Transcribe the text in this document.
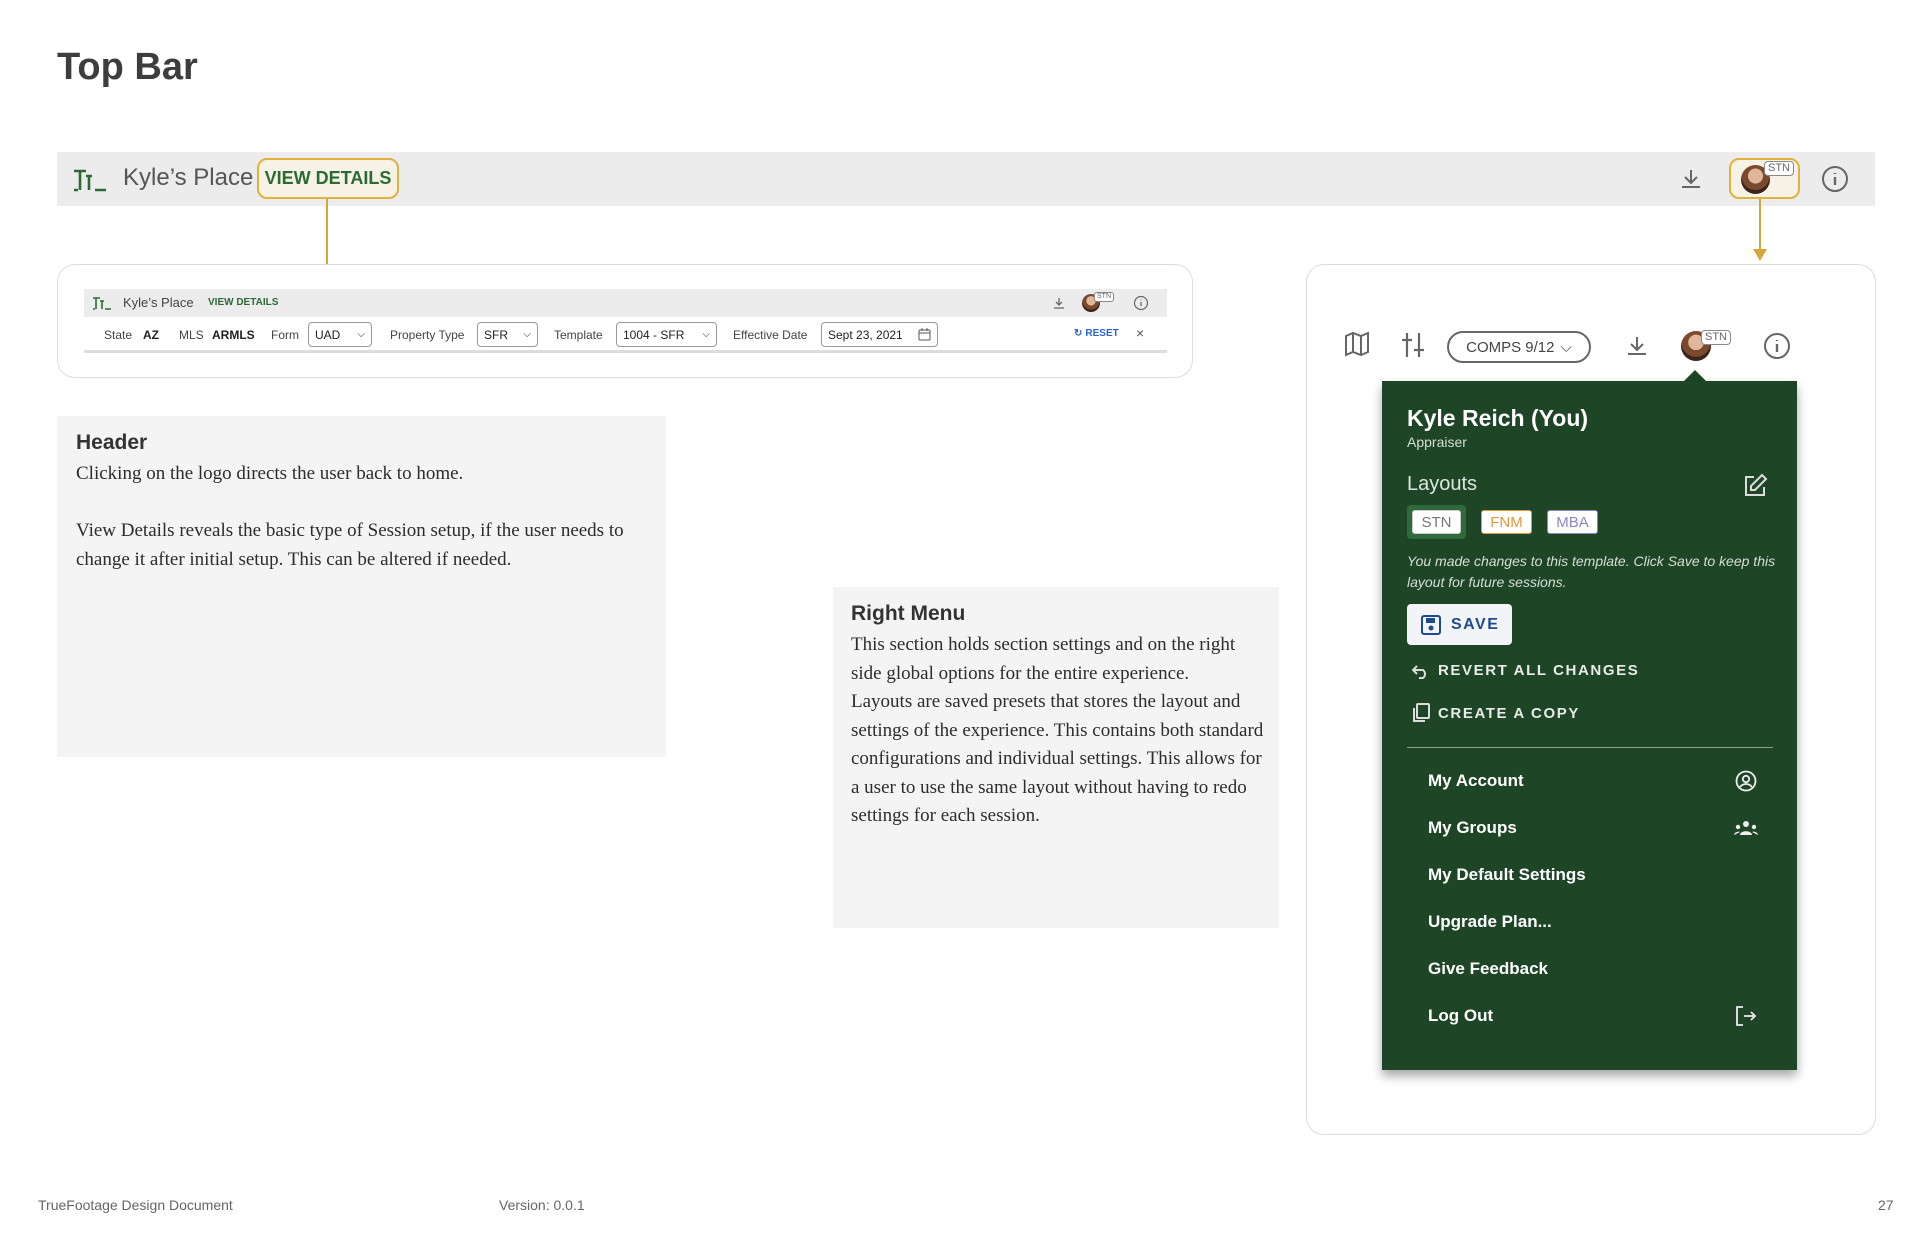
Top Bar
Kyle’s Place VIEW DETAILS	STN
Kyle’s Place VIEW DETAILS
STN
State AZ MLS ARMLS Form UAD ⌵ Property Type SFR ⌵ Template 1004 - SFR ⌵ Effective Date Sept 23, 2021	↻ RESET ×
Header
Clicking on the logo directs the user back to home.

View Details reveals the basic type of Session setup, if the user needs to change it after initial setup. This can be altered if needed.
Right Menu
This section holds section settings and on the right side global options for the entire experience.
Layouts are saved presets that stores the layout and settings of the experience. This contains both standard configurations and individual settings. This allows for a user to use the same layout without having to redo settings for each session.
COMPS 9/12 ⌵
STN
Kyle Reich (You)
Appraiser
Layouts
STN	FNM	MBA
You made changes to this template. Click Save to keep this layout for future sessions.
SAVE
REVERT ALL CHANGES
CREATE A COPY
My Account
My Groups
My Default Settings
Upgrade Plan...
Give Feedback
Log Out
TrueFootage Design Document	Version: 0.0.1	27
